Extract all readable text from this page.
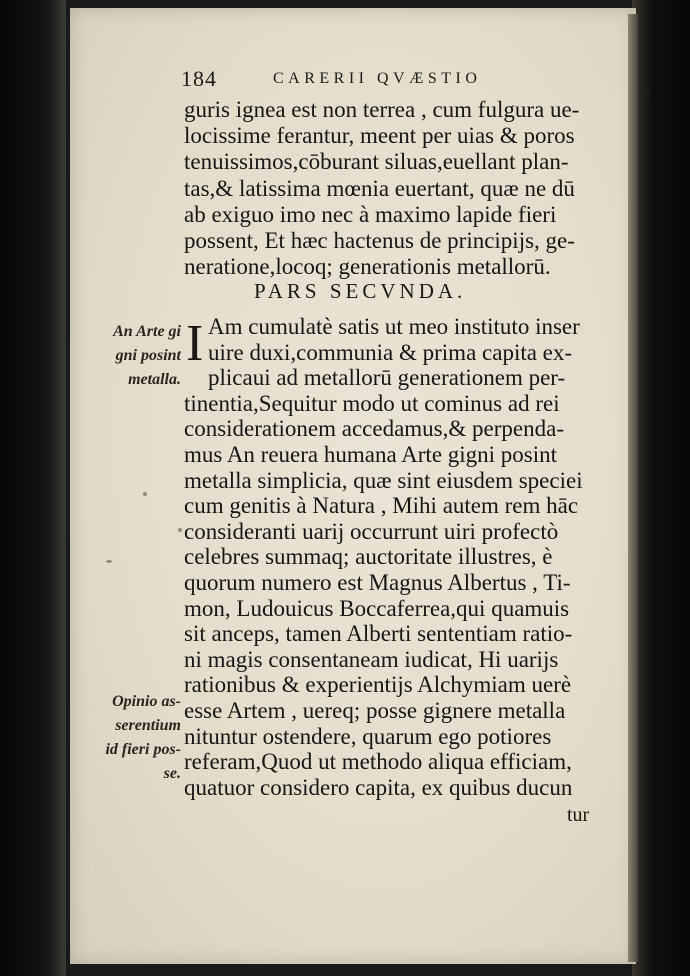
184	CARERII QVÆSTIO
†
guris ignea est non terrea , cum fulgura ue-
locissime ferantur, meent per uias & poros
tenuissimos,cōburant siluas,euellant plan-
tas,& latissima mœnia euertant, quæ ne dū
ab exiguo imo nec à maximo lapide fieri
possent, Et hæc hactenus de principijs, ge-
neratione,locoq; generationis metallorū.
PARS SECVNDA.
I Am cumulatè satis ut meo instituto inser
uire duxi,communia & prima capita ex-
plicaui ad metallorū generationem per-
tinentia,Sequitur modo ut cominus ad rei
considerationem accedamus,& perpenda-
mus An reuera humana Arte gigni posint
metalla simplicia, quæ sint eiusdem speciei
cum genitis à Natura , Mihi autem rem hāc
consideranti uarij occurrunt uiri profectò
celebres summaq; auctoritate illustres, è
quorum numero est Magnus Albertus , Ti-
mon, Ludouicus Boccaferrea,qui quamuis
sit anceps, tamen Alberti sententiam ratio-
ni magis consentaneam iudicat, Hi uarijs
rationibus & experientijs Alchymiam uerè
esse Artem , uereq; posse gignere metalla
nituntur ostendere, quarum ego potiores
referam,Quod ut methodo aliqua efficiam,
quatuor considero capita, ex quibus ducun
An Arte gi
gni posint
metalla.
Opinio as-
serentium
id fieri pos-
se.
tur
